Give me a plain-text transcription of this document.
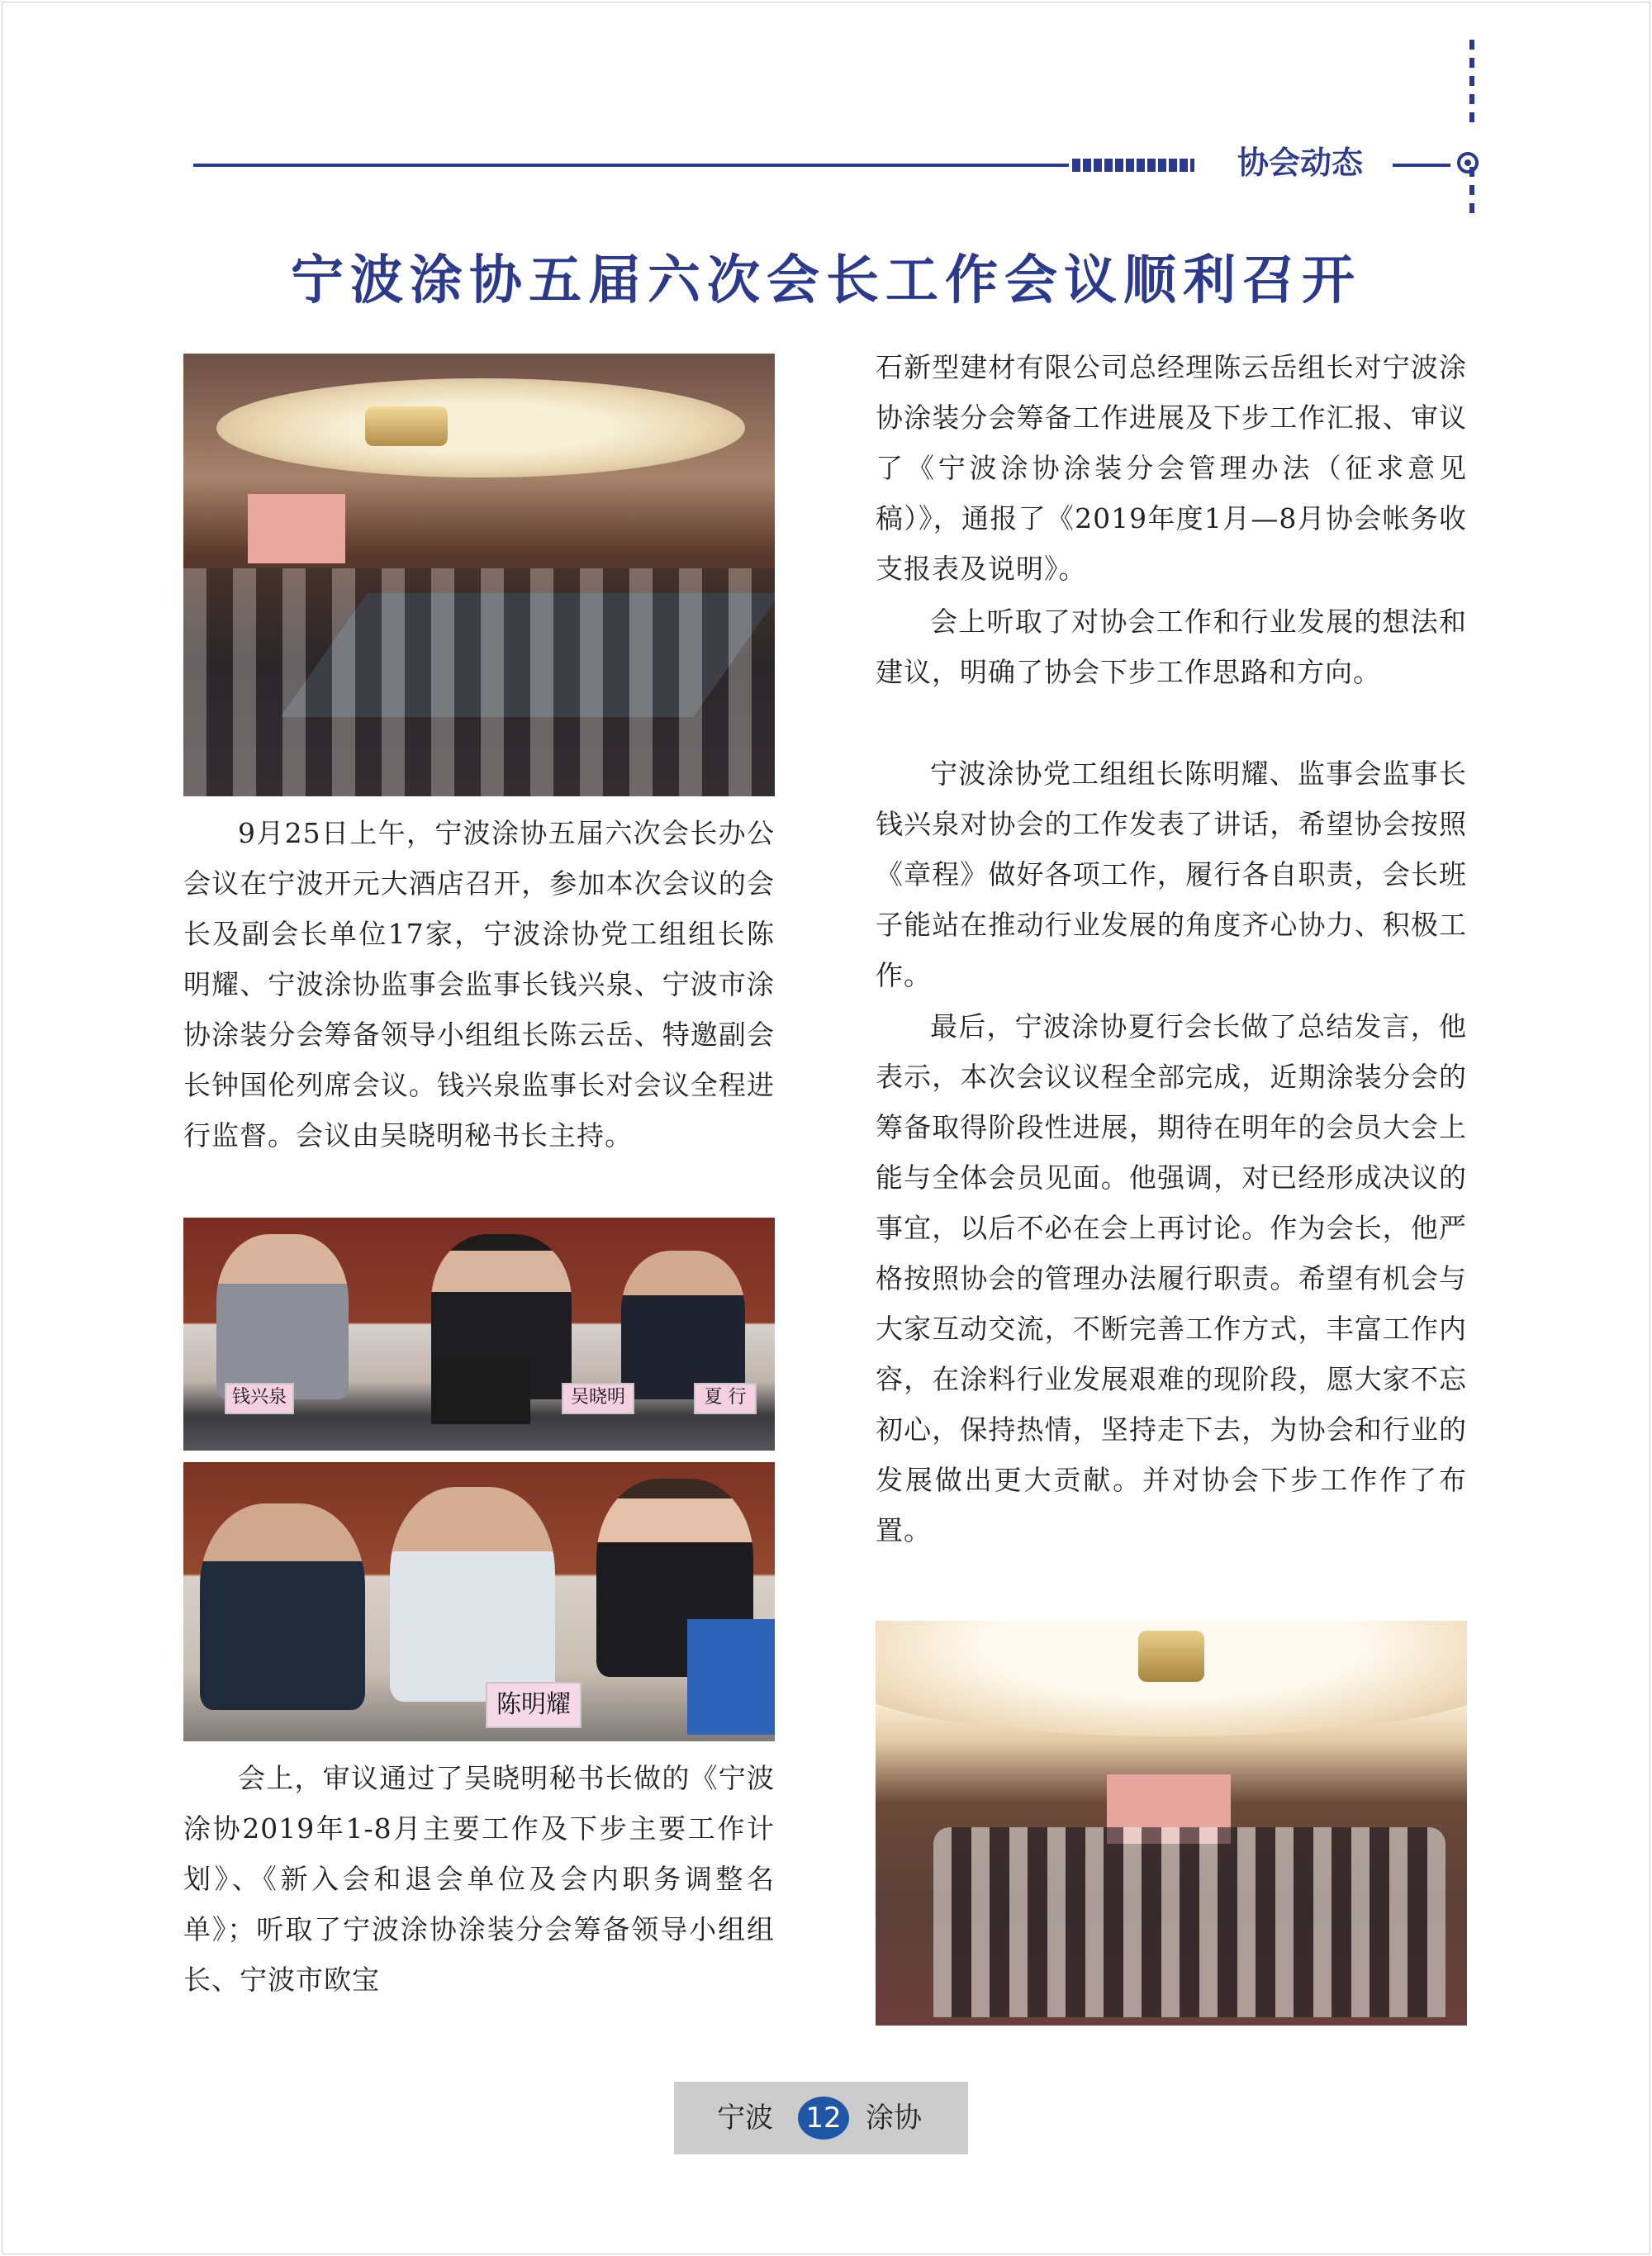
协会动态
宁波涂协五届六次会长工作会议顺利召开

9月25日上午，宁波涂协五届六次会长办公会议在宁波开元大酒店召开，参加本次会议的会长及副会长单位17家，宁波涂协党工组组长陈明耀、宁波涂协监事会监事长钱兴泉、宁波市涂协涂装分会筹备领导小组组长陈云岳、特邀副会长钟国伦列席会议。钱兴泉监事长对会议全程进行监督。会议由吴晓明秘书长主持。

钱兴泉	吴晓明	夏 行
陈明耀

会上，审议通过了吴晓明秘书长做的《宁波涂协2019年1-8月主要工作及下步主要工作计划》、《新入会和退会单位及会内职务调整名单》；听取了宁波涂协涂装分会筹备领导小组组长、宁波市欧宝

石新型建材有限公司总经理陈云岳组长对宁波涂协涂装分会筹备工作进展及下步工作汇报、审议了《宁波涂协涂装分会管理办法（征求意见稿）》，通报了《2019年度1月—8月协会帐务收支报表及说明》。

会上听取了对协会工作和行业发展的想法和建议，明确了协会下步工作思路和方向。

宁波涂协党工组组长陈明耀、监事会监事长钱兴泉对协会的工作发表了讲话，希望协会按照《章程》做好各项工作，履行各自职责，会长班子能站在推动行业发展的角度齐心协力、积极工作。

最后，宁波涂协夏行会长做了总结发言，他表示，本次会议议程全部完成，近期涂装分会的筹备取得阶段性进展，期待在明年的会员大会上能与全体会员见面。他强调，对已经形成决议的事宜，以后不必在会上再讨论。作为会长，他严格按照协会的管理办法履行职责。希望有机会与大家互动交流，不断完善工作方式，丰富工作内容，在涂料行业发展艰难的现阶段，愿大家不忘初心，保持热情，坚持走下去，为协会和行业的发展做出更大贡献。并对协会下步工作作了布置。

宁波 12 涂协
